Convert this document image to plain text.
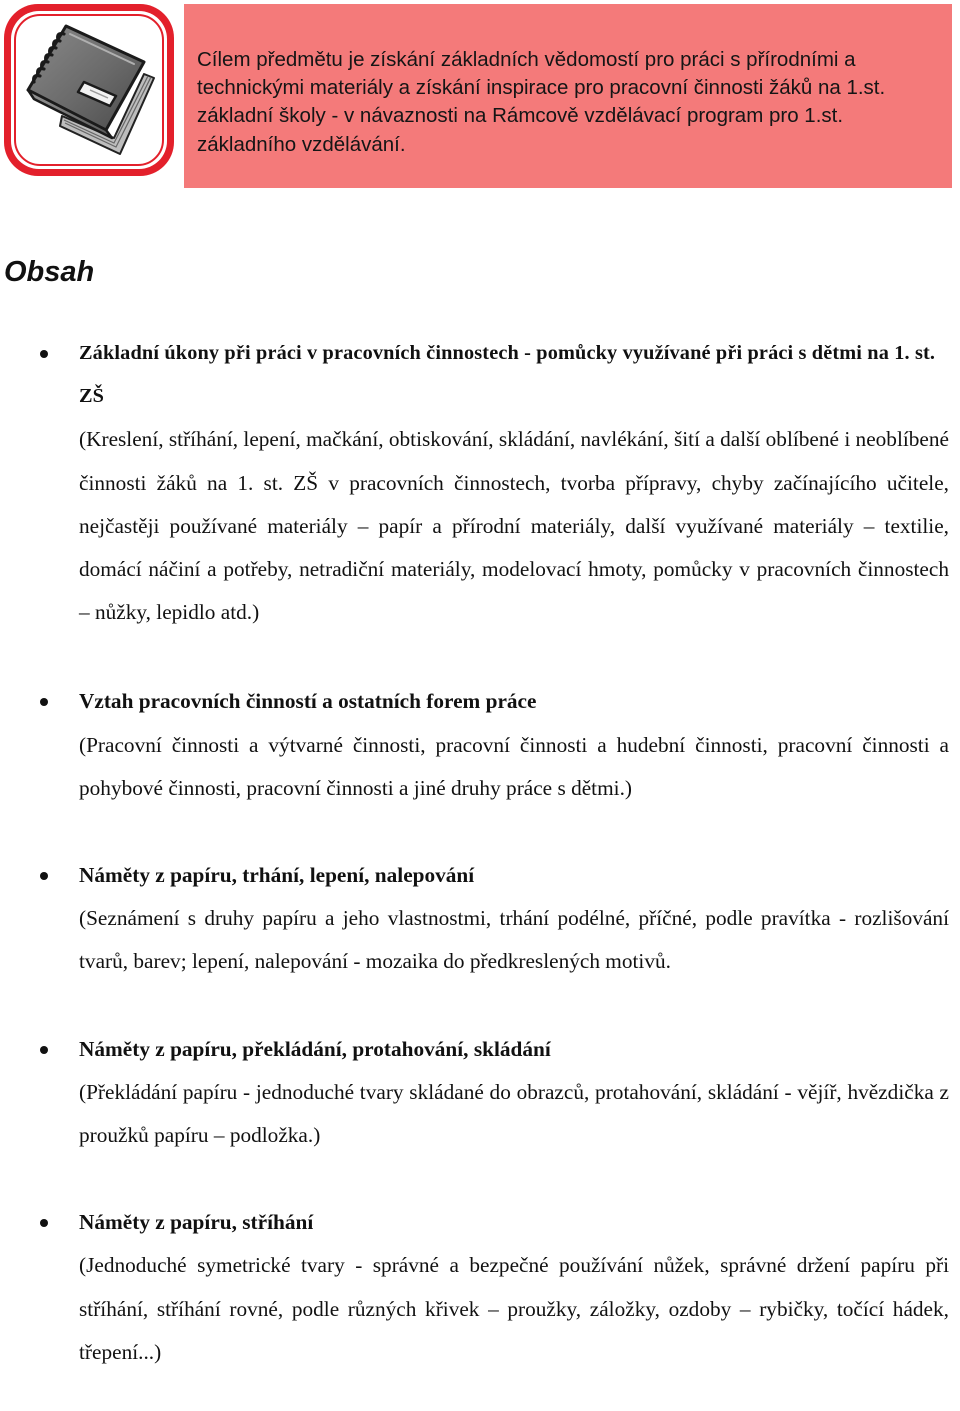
Cílem předmětu je získání základních vědomostí pro práci s přírodními a technickými materiály a získání inspirace pro pracovní činnosti žáků na 1.st. základní školy - v návaznosti na Rámcově vzdělávací program pro 1.st. základního vzdělávání.

Obsah

Základní úkony při práci v pracovních činnostech - pomůcky využívané při práci s dětmi na 1. st. ZŠ

(Kreslení, stříhání, lepení, mačkání, obtiskování, skládání, navlékání, šití a další oblíbené i neoblíbené činnosti žáků na 1. st. ZŠ v pracovních činnostech, tvorba přípravy, chyby začínajícího učitele, nejčastěji používané materiály – papír a přírodní materiály, další využívané materiály – textilie, domácí náčiní a potřeby, netradiční materiály, modelovací hmoty, pomůcky v pracovních činnostech – nůžky, lepidlo atd.)

Vztah pracovních činností a ostatních forem práce

(Pracovní činnosti a výtvarné činnosti, pracovní činnosti a hudební činnosti, pracovní činnosti a pohybové činnosti, pracovní činnosti a jiné druhy práce s dětmi.)

Náměty z papíru, trhání, lepení, nalepování

(Seznámení s druhy papíru a jeho vlastnostmi, trhání podélné, příčné, podle pravítka - rozlišování tvarů, barev; lepení, nalepování - mozaika do předkreslených motivů.

Náměty z papíru, překládání, protahování, skládání

(Překládání papíru - jednoduché tvary skládané do obrazců, protahování, skládání - vějíř, hvězdička z proužků papíru – podložka.)

Náměty z papíru, stříhání

(Jednoduché symetrické tvary - správné a bezpečné používání nůžek, správné držení papíru při stříhání, stříhání rovné, podle různých křivek – proužky, záložky, ozdoby – rybičky, točící hádek, třepení...)
